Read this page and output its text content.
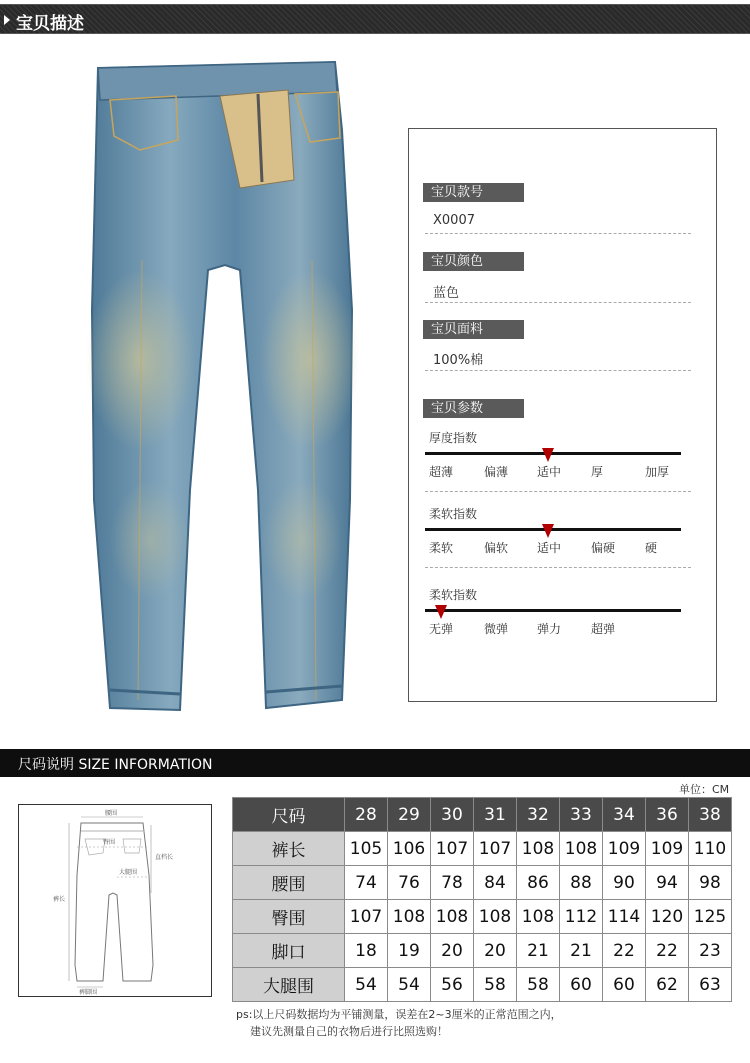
宝贝描述
宝贝款号
X0007
宝贝颜色
蓝色
宝贝面料
100%棉
宝贝参数
厚度指数
超薄	偏薄 适中 厚	加厚
柔软指数
柔软	偏软 适中 偏硬 硬
柔软指数
无弹	微弹 弹力 超弹
尺码说明 SIZE INFORMATION
单位：CM
腰围
臀围
直档长
大腿围
裤长
裤脚围
尺码	28	29	30	31	32	33	34	36	38
裤长	105	106	107	107	108	108	109	109	110
腰围	74	76	78	84	86	88	90	94	98
臀围	107	108	108	108	108	112	114	120	125
脚口	18	19	20	20	21	21	22	22	23
大腿围	54	54	56	58	58	60	60	62	63
ps:以上尺码数据均为平铺测量，误差在2~3厘米的正常范围之内，
建议先测量自己的衣物后进行比照选购！
